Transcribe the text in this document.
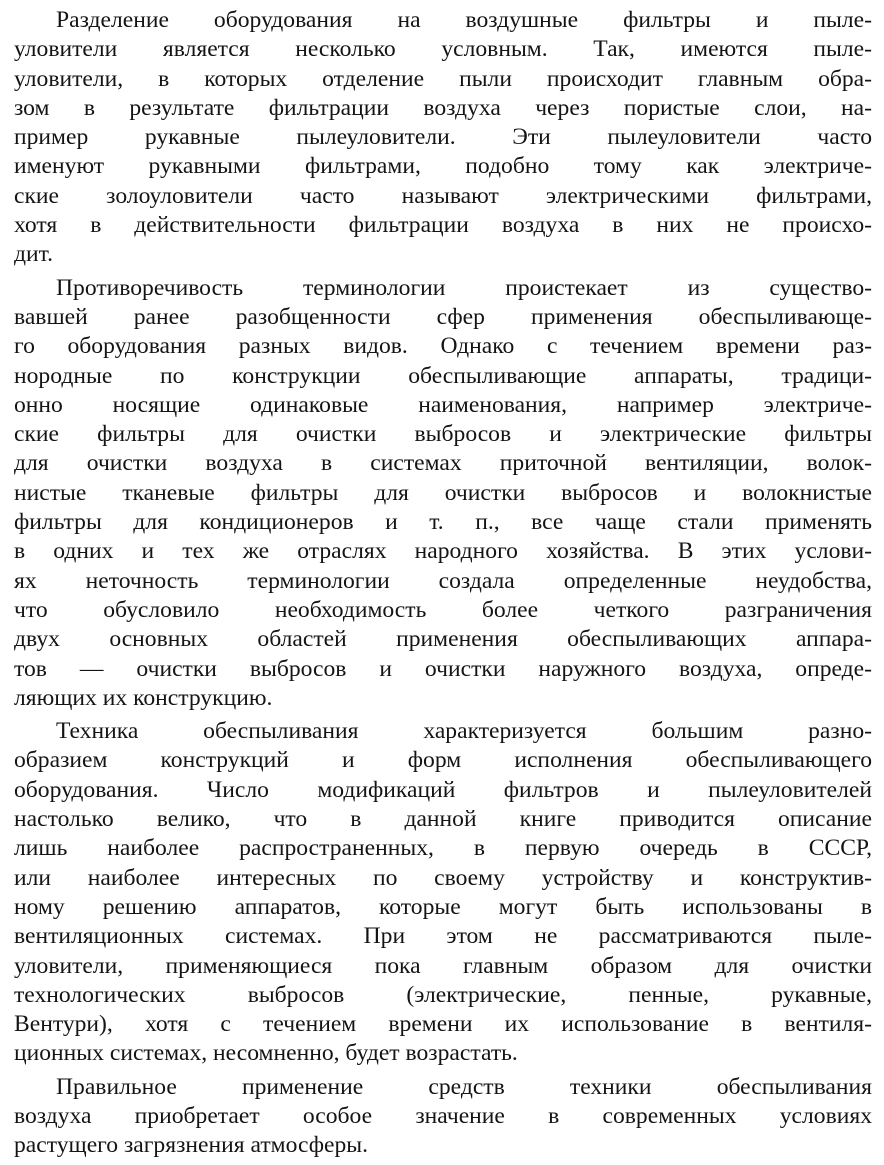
Разделение оборудования на воздушные фильтры и пыле-
уловители является несколько условным. Так, имеются пыле-
уловители, в которых отделение пыли происходит главным обра-
зом в результате фильтрации воздуха через пористые слои, на-
пример рукавные пылеуловители. Эти пылеуловители часто
именуют рукавными фильтрами, подобно тому как электриче-
ские золоуловители часто называют электрическими фильтрами,
хотя в действительности фильтрации воздуха в них не происхо-
дит.
Противоречивость терминологии проистекает из существо-
вавшей ранее разобщенности сфер применения обеспыливающе-
го оборудования разных видов. Однако с течением времени раз-
нородные по конструкции обеспыливающие аппараты, традици-
онно носящие одинаковые наименования, например электриче-
ские фильтры для очистки выбросов и электрические фильтры
для очистки воздуха в системах приточной вентиляции, волок-
нистые тканевые фильтры для очистки выбросов и волокнистые
фильтры для кондиционеров и т. п., все чаще стали применять
в одних и тех же отраслях народного хозяйства. В этих услови-
ях неточность терминологии создала определенные неудобства,
что обусловило необходимость более четкого разграничения
двух основных областей применения обеспыливающих аппара-
тов — очистки выбросов и очистки наружного воздуха, опреде-
ляющих их конструкцию.
Техника обеспыливания характеризуется большим разно-
образием конструкций и форм исполнения обеспыливающего
оборудования. Число модификаций фильтров и пылеуловителей
настолько велико, что в данной книге приводится описание
лишь наиболее распространенных, в первую очередь в СССР,
или наиболее интересных по своему устройству и конструктив-
ному решению аппаратов, которые могут быть использованы в
вентиляционных системах. При этом не рассматриваются пыле-
уловители, применяющиеся пока главным образом для очистки
технологических выбросов (электрические, пенные, рукавные,
Вентури), хотя с течением времени их использование в вентиля-
ционных системах, несомненно, будет возрастать.
Правильное применение средств техники обеспыливания
воздуха приобретает особое значение в современных условиях
растущего загрязнения атмосферы.
